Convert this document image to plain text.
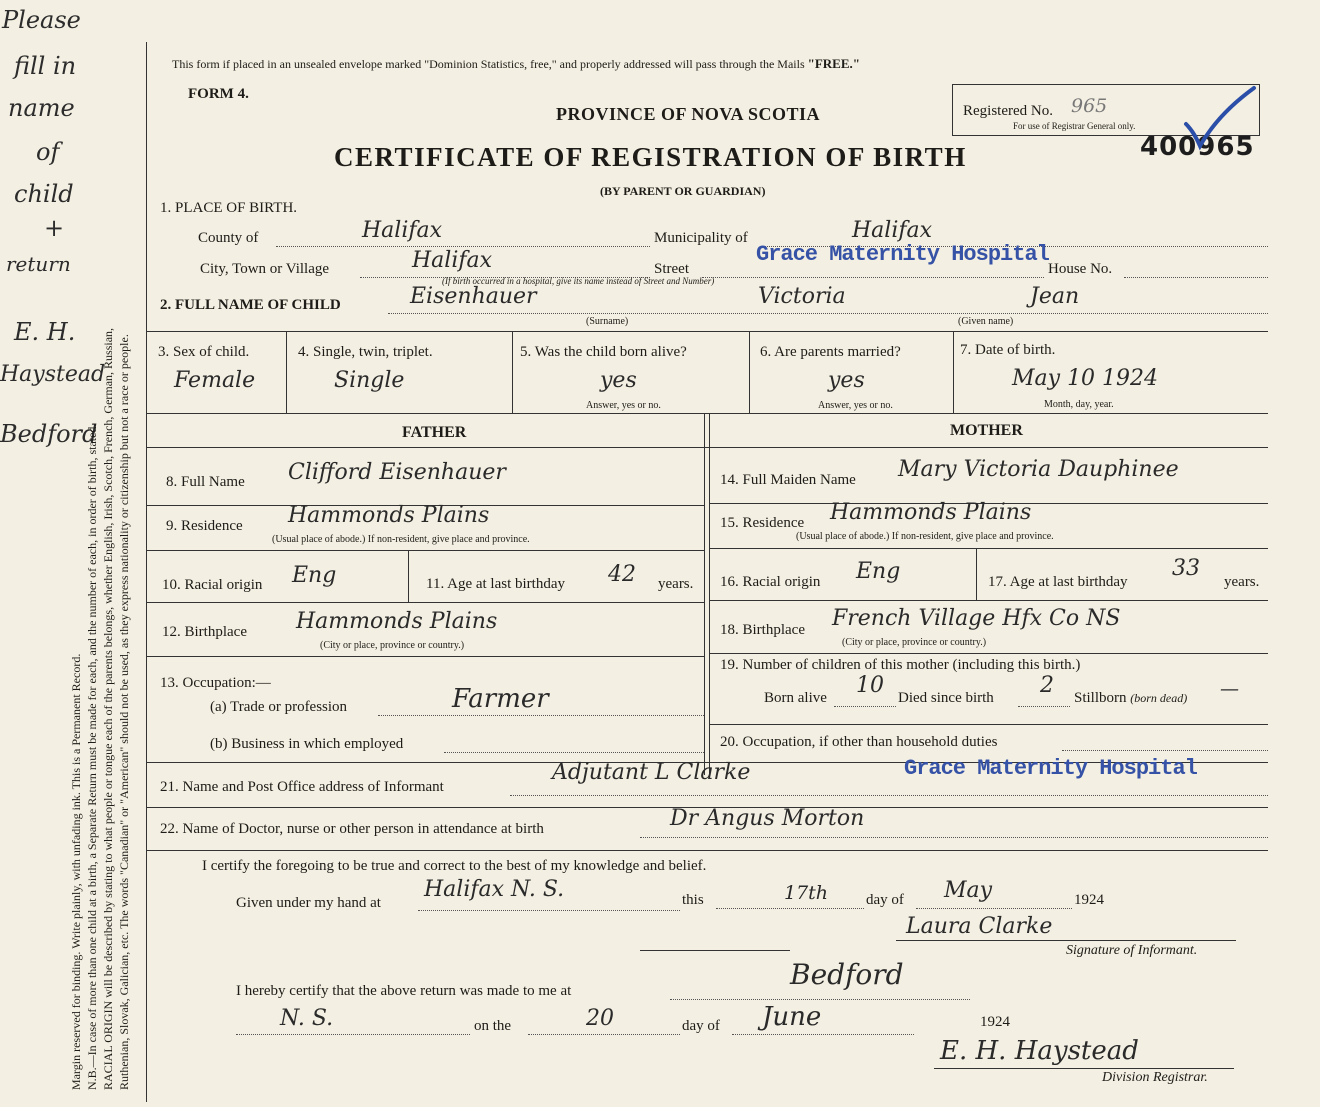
Please
fill in
name
of
child
+
return
E. H.
Haystead
Bedford
Margin reserved for binding. Write plainly, with unfading ink. This is a Permanent Record. N.B.—In case of more than one child at a birth, a Separate Return must be made for each, and the number of each, in order of birth, stated. RACIAL ORIGIN will be described by stating to what people or tongue each of the parents belongs, whether English, Irish, Scotch, French, German, Russian, Ruthenian, Slovak, Galician, etc. The words "Canadian" or "American" should not be used, as they express nationality or citizenship but not a race or people.
This form if placed in an unsealed envelope marked "Dominion Statistics, free," and properly addressed will pass through the Mails "FREE."
FORM 4.
PROVINCE OF NOVA SCOTIA
CERTIFICATE OF REGISTRATION OF BIRTH
(BY PARENT OR GUARDIAN)
Registered No.
For use of Registrar General only.
965
400965
1. PLACE OF BIRTH.
County of	Halifax	Municipality of	Halifax
City, Town or Village	Halifax	Street
Grace Maternity Hospital
House No.
(If birth occurred in a hospital, give its name instead of Street and Number)
2. FULL NAME OF CHILD	Eisenhauer
(Surname)
Victoria	Jean
(Given name)
3. Sex of child.
Female
4. Single, twin, triplet.
Single
5. Was the child born alive?
yes
Answer, yes or no.
6. Are parents married?
yes
Answer, yes or no.
7. Date of birth.
May 10 1924
Month, day, year.
FATHER	MOTHER
8. Full Name Clifford Eisenhauer
9. Residence Hammonds Plains
(Usual place of abode.) If non-resident, give place and province.
10. Racial origin Eng	11. Age at last birthday 42 years.
12. Birthplace Hammonds Plains
(City or place, province or country.)
13. Occupation:—
(a) Trade or profession	Farmer
(b) Business in which employed
14. Full Maiden Name Mary Victoria Dauphinee
15. Residence Hammonds Plains
(Usual place of abode.) If non-resident, give place and province.
16. Racial origin Eng	17. Age at last birthday
33
years.
18. Birthplace French Village Hfx Co NS
(City or place, province or country.)
19. Number of children of this mother (including this birth.)
Born alive 10 Died since birth 2 Stillborn (born dead) —
20. Occupation, if other than household duties
21. Name and Post Office address of Informant
Adjutant L Clarke	Grace Maternity Hospital
22. Name of Doctor, nurse or other person in attendance at birth	Dr Angus Morton
I certify the foregoing to be true and correct to the best of my knowledge and belief.
Given under my hand at
Halifax N. S.	this	17th	day of May	1924
Laura Clarke
Signature of Informant.
I hereby certify that the above return was made to me at	Bedford
N. S.	on the	20	day of June	1924
E. H. Haystead
Division Registrar.
